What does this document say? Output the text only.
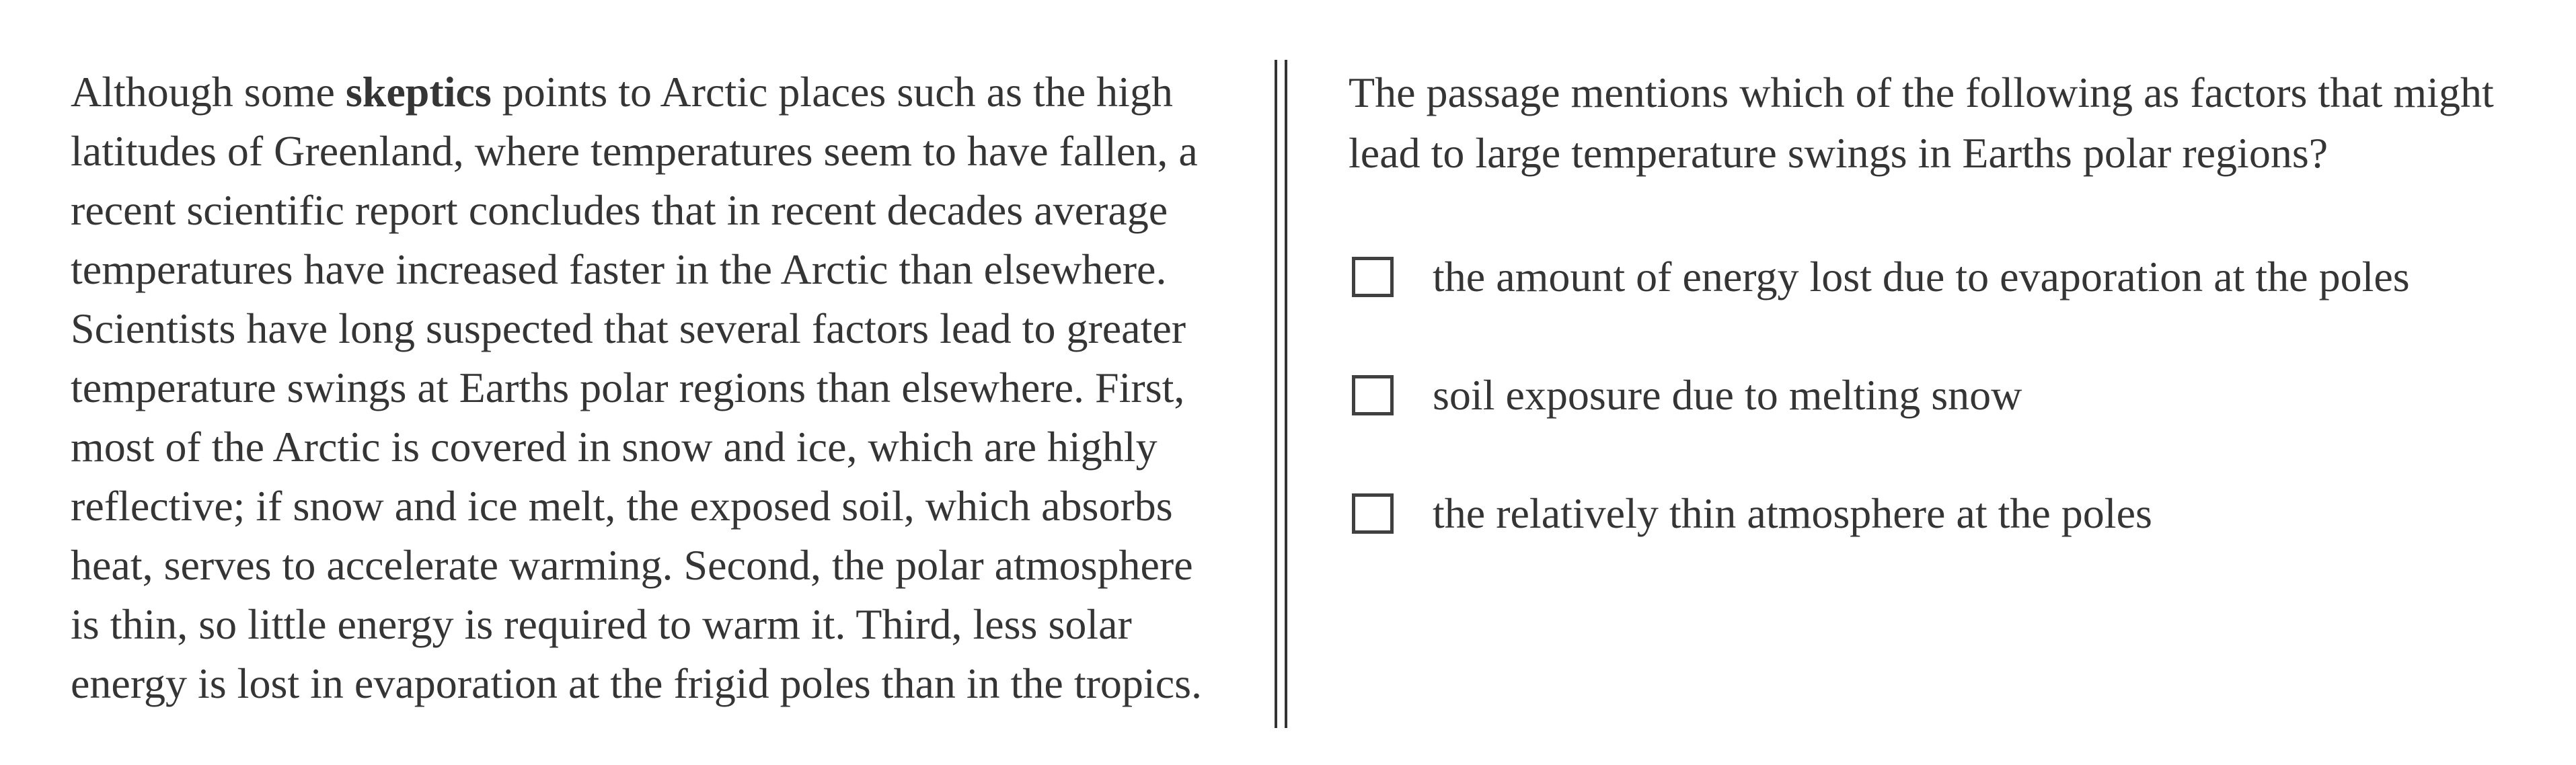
Although some skeptics points to Arctic places such as the high latitudes of Greenland, where temperatures seem to have fallen, a recent scientific report concludes that in recent decades average temperatures have increased faster in the Arctic than elsewhere. Scientists have long suspected that several factors lead to greater temperature swings at Earths polar regions than elsewhere. First, most of the Arctic is covered in snow and ice, which are highly reflective; if snow and ice melt, the exposed soil, which absorbs heat, serves to accelerate warming. Second, the polar atmosphere is thin, so little energy is required to warm it. Third, less solar energy is lost in evaporation at the frigid poles than in the tropics.
The passage mentions which of the following as factors that might lead to large temperature swings in Earths polar regions?
the amount of energy lost due to evaporation at the poles
soil exposure due to melting snow
the relatively thin atmosphere at the poles
